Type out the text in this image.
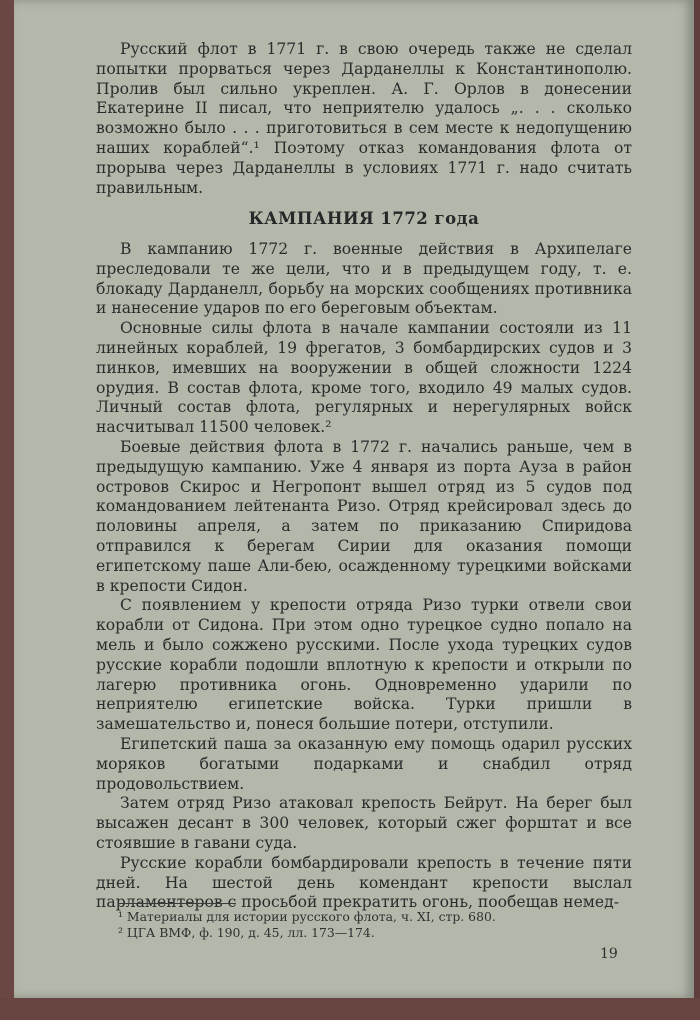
Русский флот в 1771 г. в свою очередь также не сделал попытки прорваться через Дарданеллы к Константинополю. Пролив был сильно укреплен. А. Г. Орлов в донесении Екатерине II писал, что неприятелю удалось „. . . сколько возможно было . . . приготовиться в сем месте к недопущению наших кораблей“.¹ Поэтому отказ командования флота от прорыва через Дарданеллы в условиях 1771 г. надо считать правильным.

КАМПАНИЯ 1772 года

В кампанию 1772 г. военные действия в Архипелаге преследовали те же цели, что и в предыдущем году, т. е. блокаду Дарданелл, борьбу на морских сообщениях противника и нанесение ударов по его береговым объектам.

Основные силы флота в начале кампании состояли из 11 линейных кораблей, 19 фрегатов, 3 бомбардирских судов и 3 пинков, имевших на вооружении в общей сложности 1224 орудия. В состав флота, кроме того, входило 49 малых судов. Личный состав флота, регулярных и нерегулярных войск насчитывал 11500 человек.²

Боевые действия флота в 1772 г. начались раньше, чем в предыдущую кампанию. Уже 4 января из порта Ауза в район островов Скирос и Негропонт вышел отряд из 5 судов под командованием лейтенанта Ризо. Отряд крейсировал здесь до половины апреля, а затем по приказанию Спиридова отправился к берегам Сирии для оказания помощи египетскому паше Али-бею, осажденному турецкими войсками в крепости Сидон.

С появлением у крепости отряда Ризо турки отвели свои корабли от Сидона. При этом одно турецкое судно попало на мель и было сожжено русскими. После ухода турецких судов русские корабли подошли вплотную к крепости и открыли по лагерю противника огонь. Одновременно ударили по неприятелю египетские войска. Турки пришли в замешательство и, понеся большие потери, отступили.

Египетский паша за оказанную ему помощь одарил русских моряков богатыми подарками и снабдил отряд продовольствием.

Затем отряд Ризо атаковал крепость Бейрут. На берег был высажен десант в 300 человек, который сжег форштат и все стоявшие в гавани суда.

Русские корабли бомбардировали крепость в течение пяти дней. На шестой день комендант крепости выслал парламентеров с просьбой прекратить огонь, пообещав немед-

¹ Материалы для истории русского флота, ч. XI, стр. 680.

² ЦГА ВМФ, ф. 190, д. 45, лл. 173—174.

19
